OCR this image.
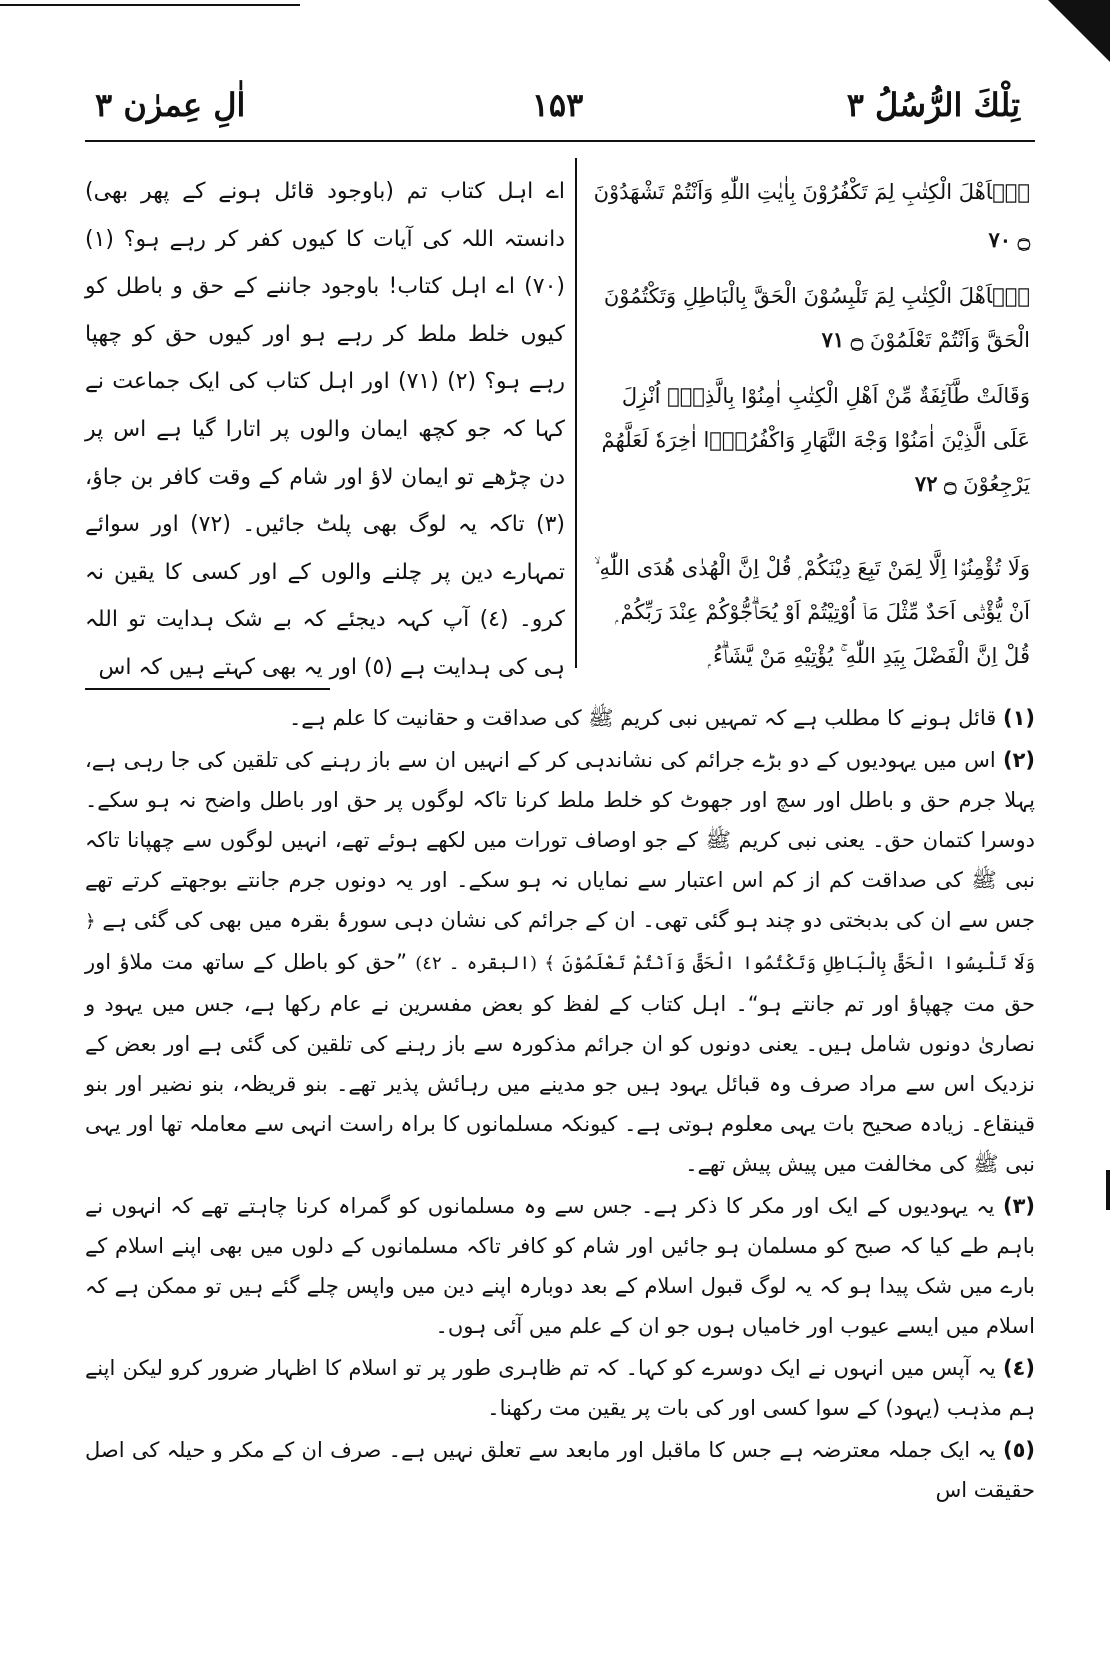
اٰلِ عِمرٰن ۳	۱۵۳	تِلْكَ الرُّسُلُ ۳
اے اہل کتاب تم (باوجود قائل ہونے کے پھر بھی) دانستہ اللہ کی آیات کا کیوں کفر کر رہے ہو؟ (١) (٧٠) اے اہل کتاب! باوجود جاننے کے حق و باطل کو کیوں خلط ملط کر رہے ہو اور کیوں حق کو چھپا رہے ہو؟ (٢) (٧١) اور اہل کتاب کی ایک جماعت نے کہا کہ جو کچھ ایمان والوں پر اتارا گیا ہے اس پر دن چڑھے تو ایمان لاؤ اور شام کے وقت کافر بن جاؤ، (٣) تاکہ یہ لوگ بھی پلٹ جائیں۔ (٧٢) اور سوائے تمہارے دین پر چلنے والوں کے اور کسی کا یقین نہ کرو۔ (٤) آپ کہہ دیجئے کہ بے شک ہدایت تو اللہ ہی کی ہدایت ہے (٥) اور یہ بھی کہتے ہیں کہ اس

يٰۤاَهْلَ الْكِتٰبِ لِمَ تَكْفُرُوْنَ بِاٰيٰتِ اللّٰهِ وَاَنْتُمْ تَشْهَدُوْنَ ۝ ۷۰

يٰۤاَهْلَ الْكِتٰبِ لِمَ تَلْبِسُوْنَ الْحَقَّ بِالْبَاطِلِ وَتَكْتُمُوْنَ الْحَقَّ وَاَنْتُمْ تَعْلَمُوْنَ ۝ ۷۱

وَقَالَتْ طَّآئِفَةٌ مِّنْ اَهْلِ الْكِتٰبِ اٰمِنُوْا بِالَّذِيْۤ اُنْزِلَ عَلَى الَّذِيْنَ اٰمَنُوْا وَجْهَ النَّهَارِ وَاكْفُرُوْۤا اٰخِرَهٗ لَعَلَّهُمْ يَرْجِعُوْنَ ۝ ۷۲

وَلَا تُؤْمِنُوْۤا اِلَّا لِمَنْ تَبِعَ دِيْنَكُمْ ۭ قُلْ اِنَّ الْهُدٰى هُدَى اللّٰهِ ۙ اَنْ يُّؤْتٰۤى اَحَدٌ مِّثْلَ مَاۤ اُوْتِيْتُمْ اَوْ يُحَاۗجُّوْكُمْ عِنْدَ رَبِّكُمْ ۭ قُلْ اِنَّ الْفَضْلَ بِيَدِ اللّٰهِ ۚ يُؤْتِيْهِ مَنْ يَّشَاۗءُ ۭ

(١) قائل ہونے کا مطلب ہے کہ تمہیں نبی کریم ﷺ کی صداقت و حقانیت کا علم ہے۔

(٢) اس میں یہودیوں کے دو بڑے جرائم کی نشاندہی کر کے انہیں ان سے باز رہنے کی تلقین کی جا رہی ہے، پہلا جرم حق و باطل اور سچ اور جھوٹ کو خلط ملط کرنا تاکہ لوگوں پر حق اور باطل واضح نہ ہو سکے۔ دوسرا کتمان حق۔ یعنی نبی کریم ﷺ کے جو اوصاف تورات میں لکھے ہوئے تھے، انہیں لوگوں سے چھپانا تاکہ نبی ﷺ کی صداقت کم از کم اس اعتبار سے نمایاں نہ ہو سکے۔ اور یہ دونوں جرم جانتے بوجھتے کرتے تھے جس سے ان کی بدبختی دو چند ہو گئی تھی۔ ان کے جرائم کی نشان دہی سورۂ بقرہ میں بھی کی گئی ہے ﴿ وَلَا تَلْبِسُوا الْحَقَّ بِالْبَاطِلِ وَتَكْتُمُوا الْحَقَّ وَاَنْتُمْ تَعْلَمُوْنَ ﴾ (البقرہ ۔ ٤٢) ”حق کو باطل کے ساتھ مت ملاؤ اور حق مت چھپاؤ اور تم جانتے ہو“۔ اہل کتاب کے لفظ کو بعض مفسرین نے عام رکھا ہے، جس میں یہود و نصاریٰ دونوں شامل ہیں۔ یعنی دونوں کو ان جرائم مذکورہ سے باز رہنے کی تلقین کی گئی ہے اور بعض کے نزدیک اس سے مراد صرف وہ قبائل یہود ہیں جو مدینے میں رہائش پذیر تھے۔ بنو قریظہ، بنو نضیر اور بنو قینقاع۔ زیادہ صحیح بات یہی معلوم ہوتی ہے۔ کیونکہ مسلمانوں کا براہ راست انہی سے معاملہ تھا اور یہی نبی ﷺ کی مخالفت میں پیش پیش تھے۔

(٣) یہ یہودیوں کے ایک اور مکر کا ذکر ہے۔ جس سے وہ مسلمانوں کو گمراہ کرنا چاہتے تھے کہ انہوں نے باہم طے کیا کہ صبح کو مسلمان ہو جائیں اور شام کو کافر تاکہ مسلمانوں کے دلوں میں بھی اپنے اسلام کے بارے میں شک پیدا ہو کہ یہ لوگ قبول اسلام کے بعد دوبارہ اپنے دین میں واپس چلے گئے ہیں تو ممکن ہے کہ اسلام میں ایسے عیوب اور خامیاں ہوں جو ان کے علم میں آئی ہوں۔

(٤) یہ آپس میں انہوں نے ایک دوسرے کو کہا۔ کہ تم ظاہری طور پر تو اسلام کا اظہار ضرور کرو لیکن اپنے ہم مذہب (یہود) کے سوا کسی اور کی بات پر یقین مت رکھنا۔

(٥) یہ ایک جملہ معترضہ ہے جس کا ماقبل اور مابعد سے تعلق نہیں ہے۔ صرف ان کے مکر و حیلہ کی اصل حقیقت اس
